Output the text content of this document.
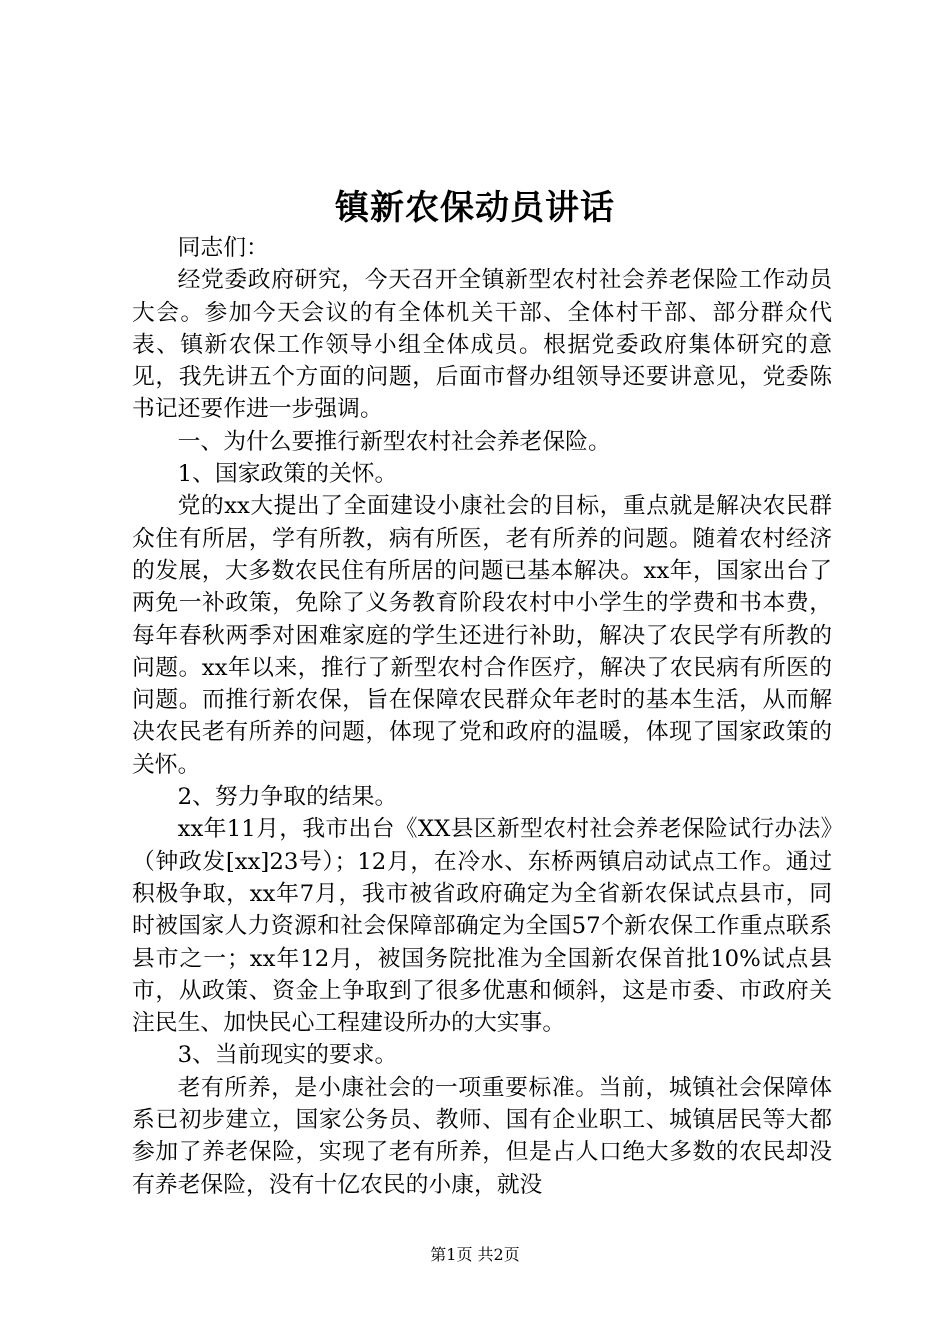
镇新农保动员讲话

同志们：

经党委政府研究，今天召开全镇新型农村社会养老保险工作动员大会。参加今天会议的有全体机关干部、全体村干部、部分群众代表、镇新农保工作领导小组全体成员。根据党委政府集体研究的意见，我先讲五个方面的问题，后面市督办组领导还要讲意见，党委陈书记还要作进一步强调。

一、为什么要推行新型农村社会养老保险。

1、国家政策的关怀。

党的xx大提出了全面建设小康社会的目标，重点就是解决农民群众住有所居，学有所教，病有所医，老有所养的问题。随着农村经济的发展，大多数农民住有所居的问题已基本解决。xx年，国家出台了两免一补政策，免除了义务教育阶段农村中小学生的学费和书本费，每年春秋两季对困难家庭的学生还进行补助，解决了农民学有所教的问题。xx年以来，推行了新型农村合作医疗，解决了农民病有所医的问题。而推行新农保，旨在保障农民群众年老时的基本生活，从而解决农民老有所养的问题，体现了党和政府的温暖，体现了国家政策的关怀。

2、努力争取的结果。

xx年11月，我市出台《XX县区新型农村社会养老保险试行办法》（钟政发[xx]23号）；12月，在冷水、东桥两镇启动试点工作。通过积极争取，xx年7月，我市被省政府确定为全省新农保试点县市，同时被国家人力资源和社会保障部确定为全国57个新农保工作重点联系县市之一；xx年12月，被国务院批准为全国新农保首批10%试点县市，从政策、资金上争取到了很多优惠和倾斜，这是市委、市政府关注民生、加快民心工程建设所办的大实事。

3、当前现实的要求。

老有所养，是小康社会的一项重要标准。当前，城镇社会保障体系已初步建立，国家公务员、教师、国有企业职工、城镇居民等大都参加了养老保险，实现了老有所养，但是占人口绝大多数的农民却没有养老保险，没有十亿农民的小康，就没

第1页 共2页
